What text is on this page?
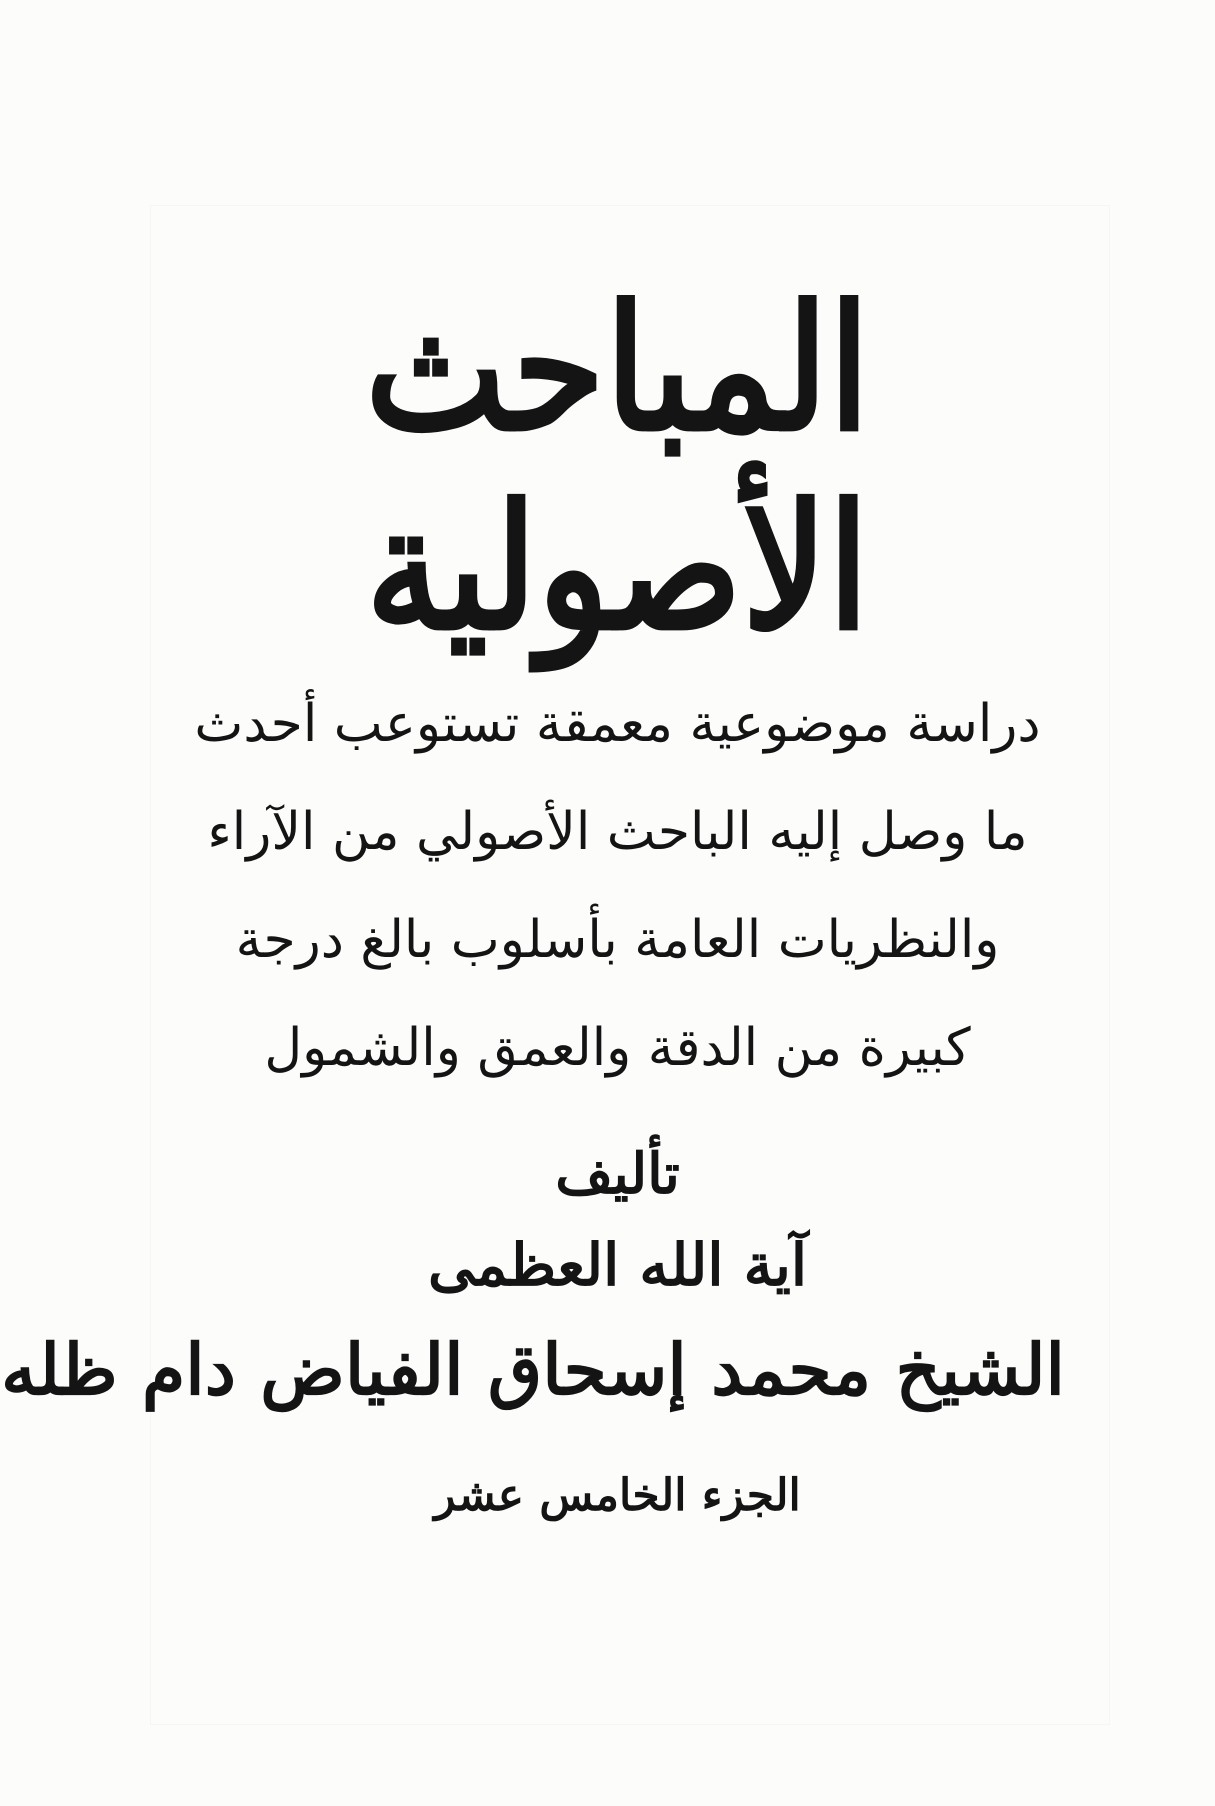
المباحث الأصولية
دراسة موضوعية معمقة تستوعب أحدث
ما وصل إليه الباحث الأصولي من الآراء
والنظريات العامة بأسلوب بالغ درجة
كبيرة من الدقة والعمق والشمول
تأليف
آية الله العظمى
الشيخ محمد إسحاق الفياض دام ظله
الجزء الخامس عشر
